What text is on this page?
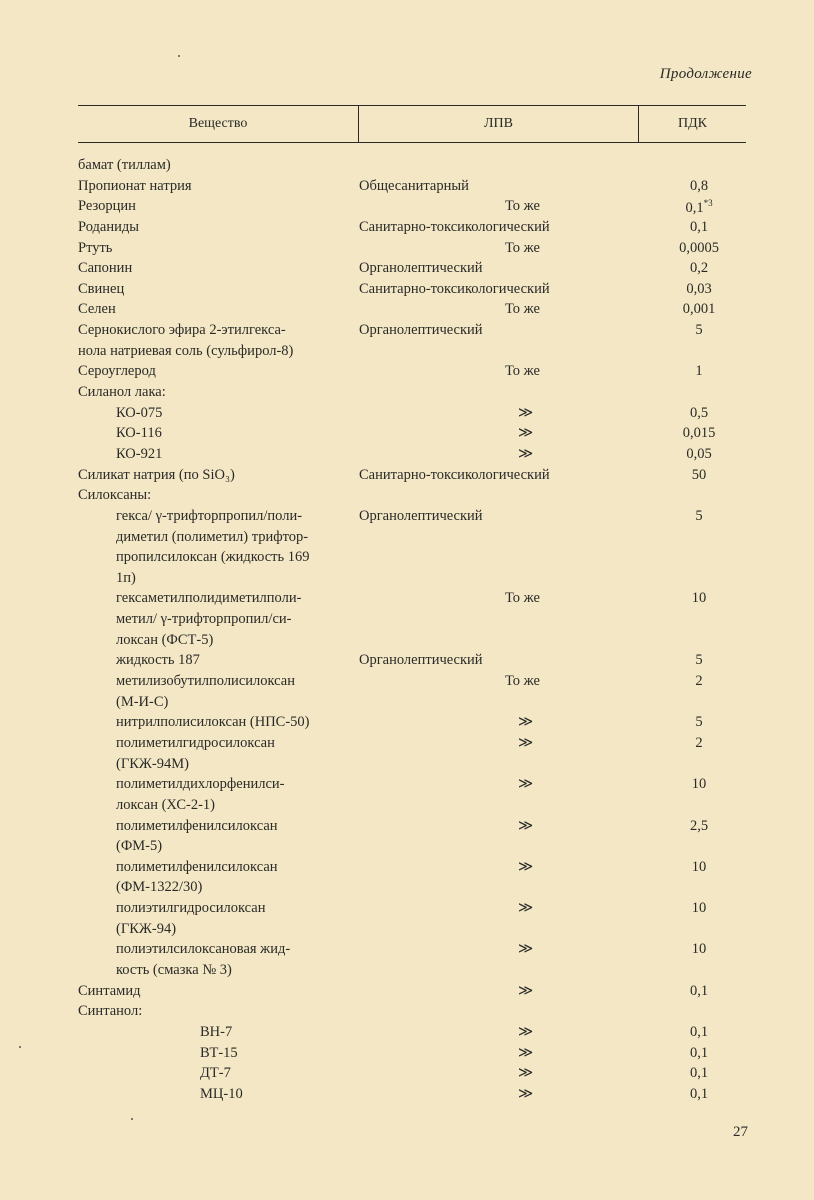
Продолжение
Вещество	ЛПВ	ПДК
бамат (тиллам)
Пропионат натрия	Общесанитарный	0,8
Резорцин	То же	0,1$^{*3}$
Роданиды	Санитарно-токсикологический	0,1
Ртуть	То же	0,0005
Сапонин	Органолептический	0,2
Свинец	Санитарно-токсикологический	0,03
Селен	То же	0,001
Сернокислого эфира 2-этилгекса-	Органолептический	5
нола натриевая соль (сульфирол-8)
Сероуглерод	То же	1
Силанол лака:
КО-075	≫	0,5
КО-116	≫	0,015
КО-921	≫	0,05
Силикат натрия (по SiO₃)	Санитарно-токсикологический	50
Силоксаны:
гекса/ γ-трифторпропил/поли-	Органолептический	5
диметил (полиметил) трифтор-
пропилсилоксан (жидкость 169
1п)
гексаметилполидиметилполи-	То же	10
метил/ γ-трифторпропил/си-
локсан (ФСТ-5)
жидкость 187	Органолептический	5
метилизобутилполисилоксан	То же	2
(М-И-С)
нитрилполисилоксан (НПС-50)	≫	5
полиметилгидросилоксан	≫	2
(ГКЖ-94М)
полиметилдихлорфенилси-	≫	10
локсан (ХС-2-1)
полиметилфенилсилоксан	≫	2,5
(ФМ-5)
полиметилфенилсилоксан	≫	10
(ФМ-1322/30)
полиэтилгидросилоксан	≫	10
(ГКЖ-94)
полиэтилсилоксановая жид-	≫	10
кость (смазка № 3)
Синтамид	≫	0,1
Синтанол:
ВН-7	≫	0,1
ВТ-15	≫	0,1
ДТ-7	≫	0,1
МЦ-10	≫	0,1
27
